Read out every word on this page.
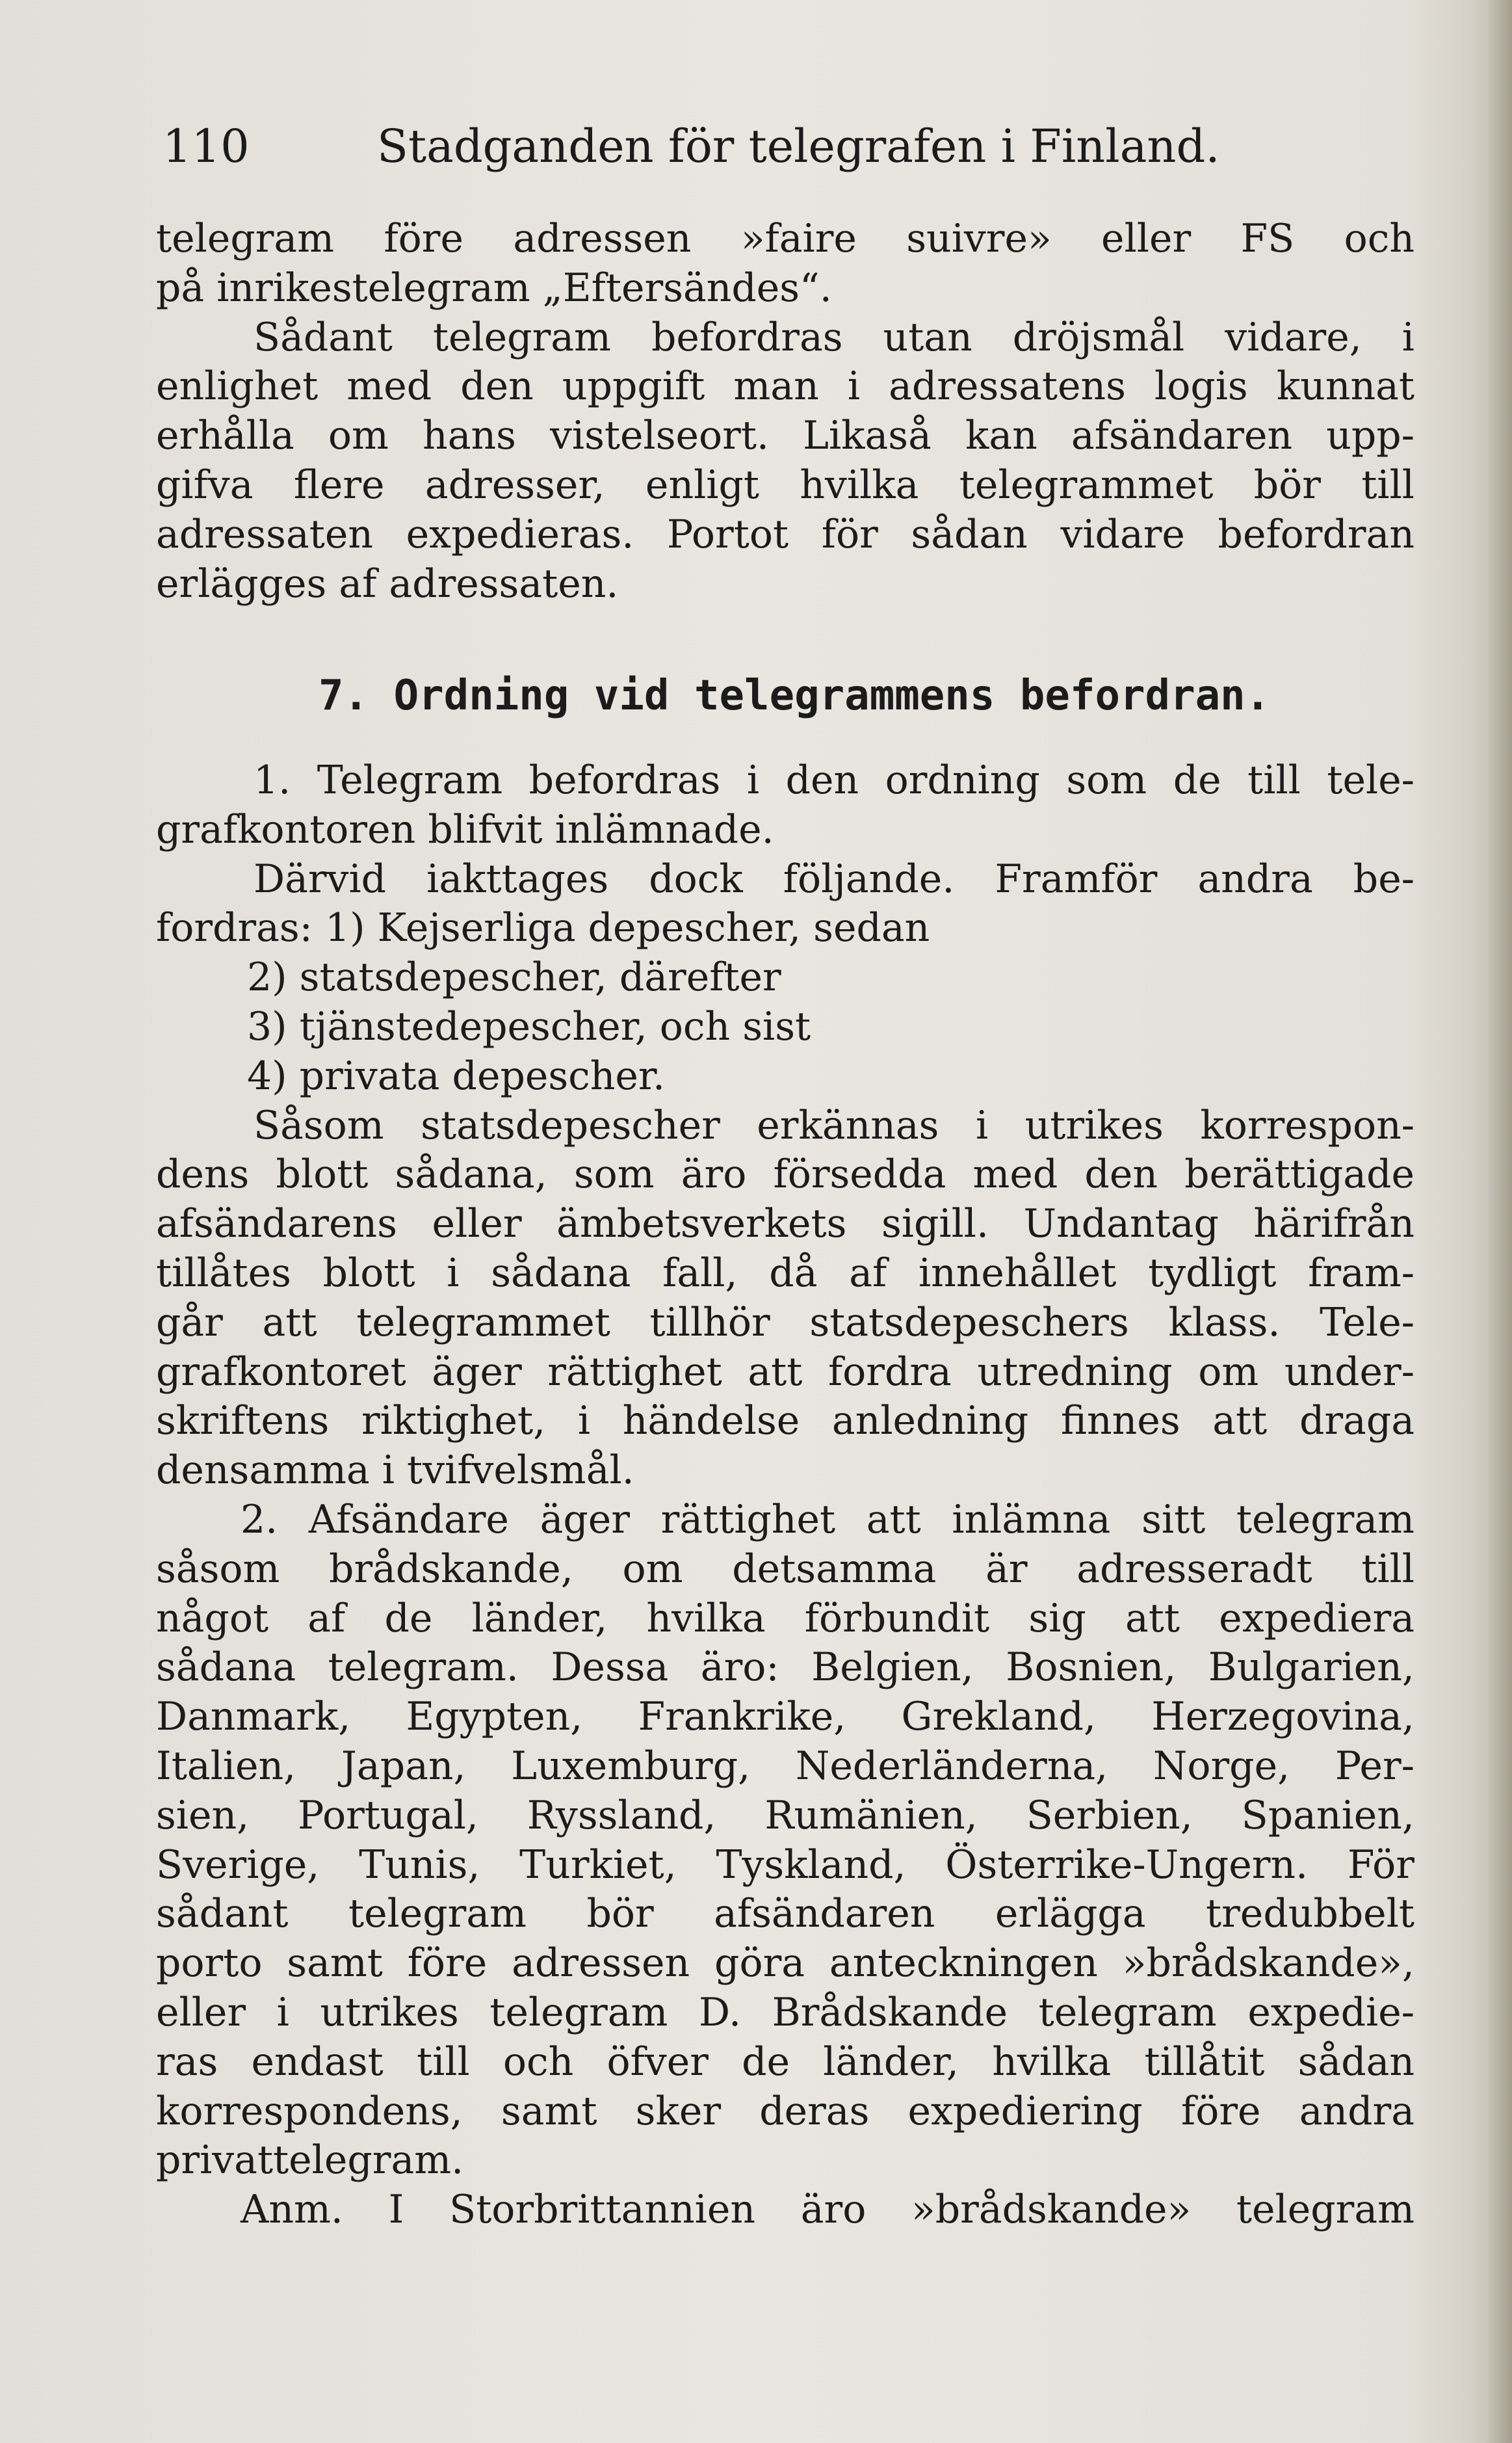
110	Stadganden för telegrafen i Finland.
telegram före adressen »faire suivre» eller FS och
på inrikestelegram „Eftersändes“.
Sådant telegram befordras utan dröjsmål vidare, i
enlighet med den uppgift man i adressatens logis kunnat
erhålla om hans vistelseort. Likaså kan afsändaren upp-
gifva flere adresser, enligt hvilka telegrammet bör till
adressaten expedieras. Portot för sådan vidare befordran
erlägges af adressaten.
7. Ordning vid telegrammens befordran.
1. Telegram befordras i den ordning som de till tele-
grafkontoren blifvit inlämnade.
Därvid iakttages dock följande. Framför andra be-
fordras: 1) Kejserliga depescher, sedan
2) statsdepescher, därefter
3) tjänstedepescher, och sist
4) privata depescher.
Såsom statsdepescher erkännas i utrikes korrespon-
dens blott sådana, som äro försedda med den berättigade
afsändarens eller ämbetsverkets sigill. Undantag härifrån
tillåtes blott i sådana fall, då af innehållet tydligt fram-
går att telegrammet tillhör statsdepeschers klass. Tele-
grafkontoret äger rättighet att fordra utredning om under-
skriftens riktighet, i händelse anledning finnes att draga
densamma i tvifvelsmål.
2. Afsändare äger rättighet att inlämna sitt telegram
såsom brådskande, om detsamma är adresseradt till
något af de länder, hvilka förbundit sig att expediera
sådana telegram. Dessa äro: Belgien, Bosnien, Bulgarien,
Danmark, Egypten, Frankrike, Grekland, Herzegovina,
Italien, Japan, Luxemburg, Nederländerna, Norge, Per-
sien, Portugal, Ryssland, Rumänien, Serbien, Spanien,
Sverige, Tunis, Turkiet, Tyskland, Österrike-Ungern. För
sådant telegram bör afsändaren erlägga tredubbelt
porto samt före adressen göra anteckningen »brådskande»,
eller i utrikes telegram D. Brådskande telegram expedie-
ras endast till och öfver de länder, hvilka tillåtit sådan
korrespondens, samt sker deras expediering före andra
privattelegram.
Anm. I Storbrittannien äro »brådskande» telegram
